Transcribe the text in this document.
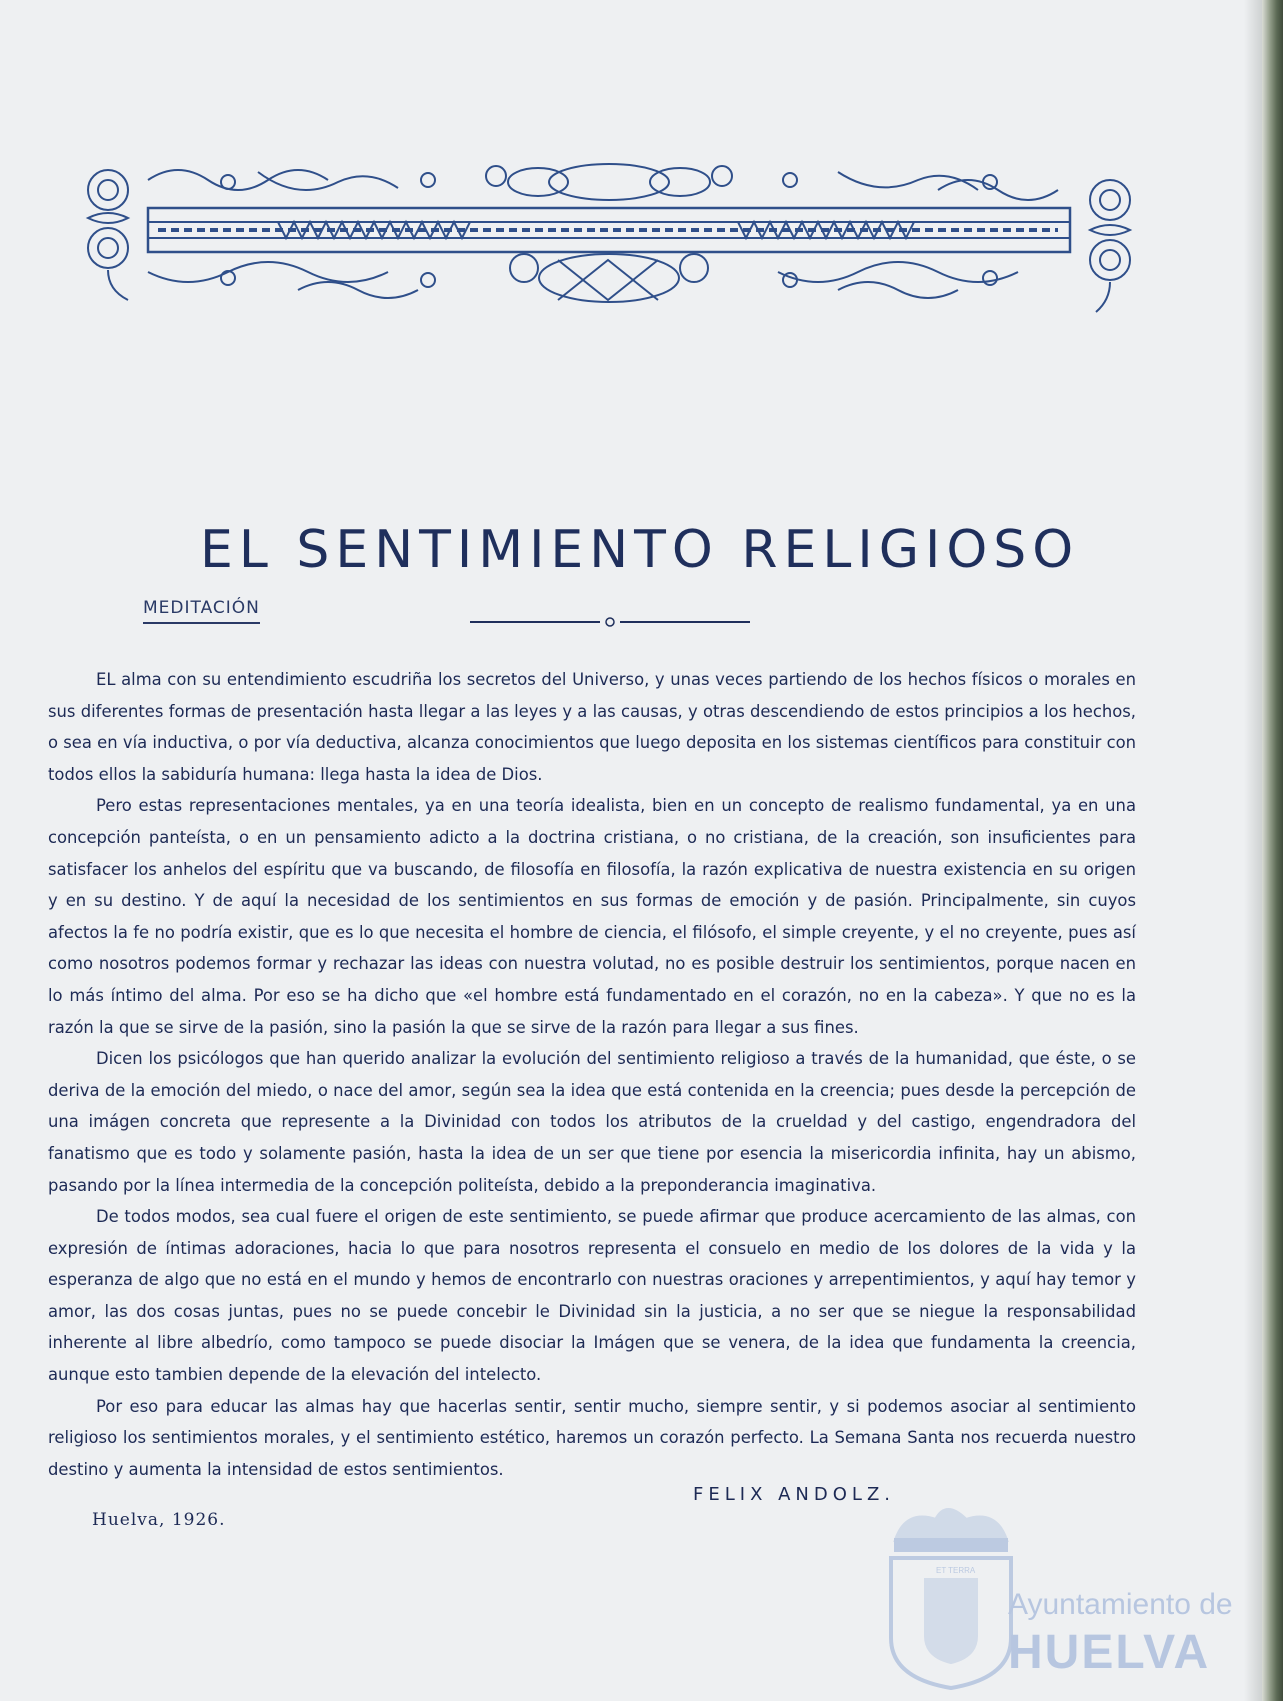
EL SENTIMIENTO RELIGIOSO
MEDITACIÓN

EL alma con su entendimiento escudriña los secretos del Universo, y unas veces partiendo de los hechos físicos o morales en sus diferentes formas de presentación hasta llegar a las leyes y a las causas, y otras descendiendo de estos principios a los hechos, o sea en vía inductiva, o por vía deductiva, alcanza conocimientos que luego deposita en los sistemas científicos para constituir con todos ellos la sabiduría humana: llega hasta la idea de Dios.

Pero estas representaciones mentales, ya en una teoría idealista, bien en un concepto de realismo fundamental, ya en una concepción panteísta, o en un pensamiento adicto a la doctrina cristiana, o no cristiana, de la creación, son insuficientes para satisfacer los anhelos del espíritu que va buscando, de filosofía en filosofía, la razón explicativa de nuestra existencia en su origen y en su destino. Y de aquí la necesidad de los sentimientos en sus formas de emoción y de pasión. Principalmente, sin cuyos afectos la fe no podría existir, que es lo que necesita el hombre de ciencia, el filósofo, el simple creyente, y el no creyente, pues así como nosotros podemos formar y rechazar las ideas con nuestra volutad, no es posible destruir los sentimientos, porque nacen en lo más íntimo del alma. Por eso se ha dicho que «el hombre está fundamentado en el corazón, no en la cabeza». Y que no es la razón la que se sirve de la pasión, sino la pasión la que se sirve de la razón para llegar a sus fines.

Dicen los psicólogos que han querido analizar la evolución del sentimiento religioso a través de la humanidad, que éste, o se deriva de la emoción del miedo, o nace del amor, según sea la idea que está contenida en la creencia; pues desde la percepción de una imágen concreta que represente a la Divinidad con todos los atributos de la crueldad y del castigo, engendradora del fanatismo que es todo y solamente pasión, hasta la idea de un ser que tiene por esencia la misericordia infinita, hay un abismo, pasando por la línea intermedia de la concepción politeísta, debido a la preponderancia imaginativa.

De todos modos, sea cual fuere el origen de este sentimiento, se puede afirmar que produce acercamiento de las almas, con expresión de íntimas adoraciones, hacia lo que para nosotros representa el consuelo en medio de los dolores de la vida y la esperanza de algo que no está en el mundo y hemos de encontrarlo con nuestras oraciones y arrepentimientos, y aquí hay temor y amor, las dos cosas juntas, pues no se puede concebir le Divinidad sin la justicia, a no ser que se niegue la responsabilidad inherente al libre albedrío, como tampoco se puede disociar la Imágen que se venera, de la idea que fundamenta la creencia, aunque esto tambien depende de la elevación del intelecto.

Por eso para educar las almas hay que hacerlas sentir, sentir mucho, siempre sentir, y si podemos asociar al sentimiento religioso los sentimientos morales, y el sentimiento estético, haremos un corazón perfecto. La Semana Santa nos recuerda nuestro destino y aumenta la intensidad de estos sentimientos.

FELIX ANDOLZ.
Huelva, 1926.
ET TERRA
Ayuntamiento de
HUELVA
